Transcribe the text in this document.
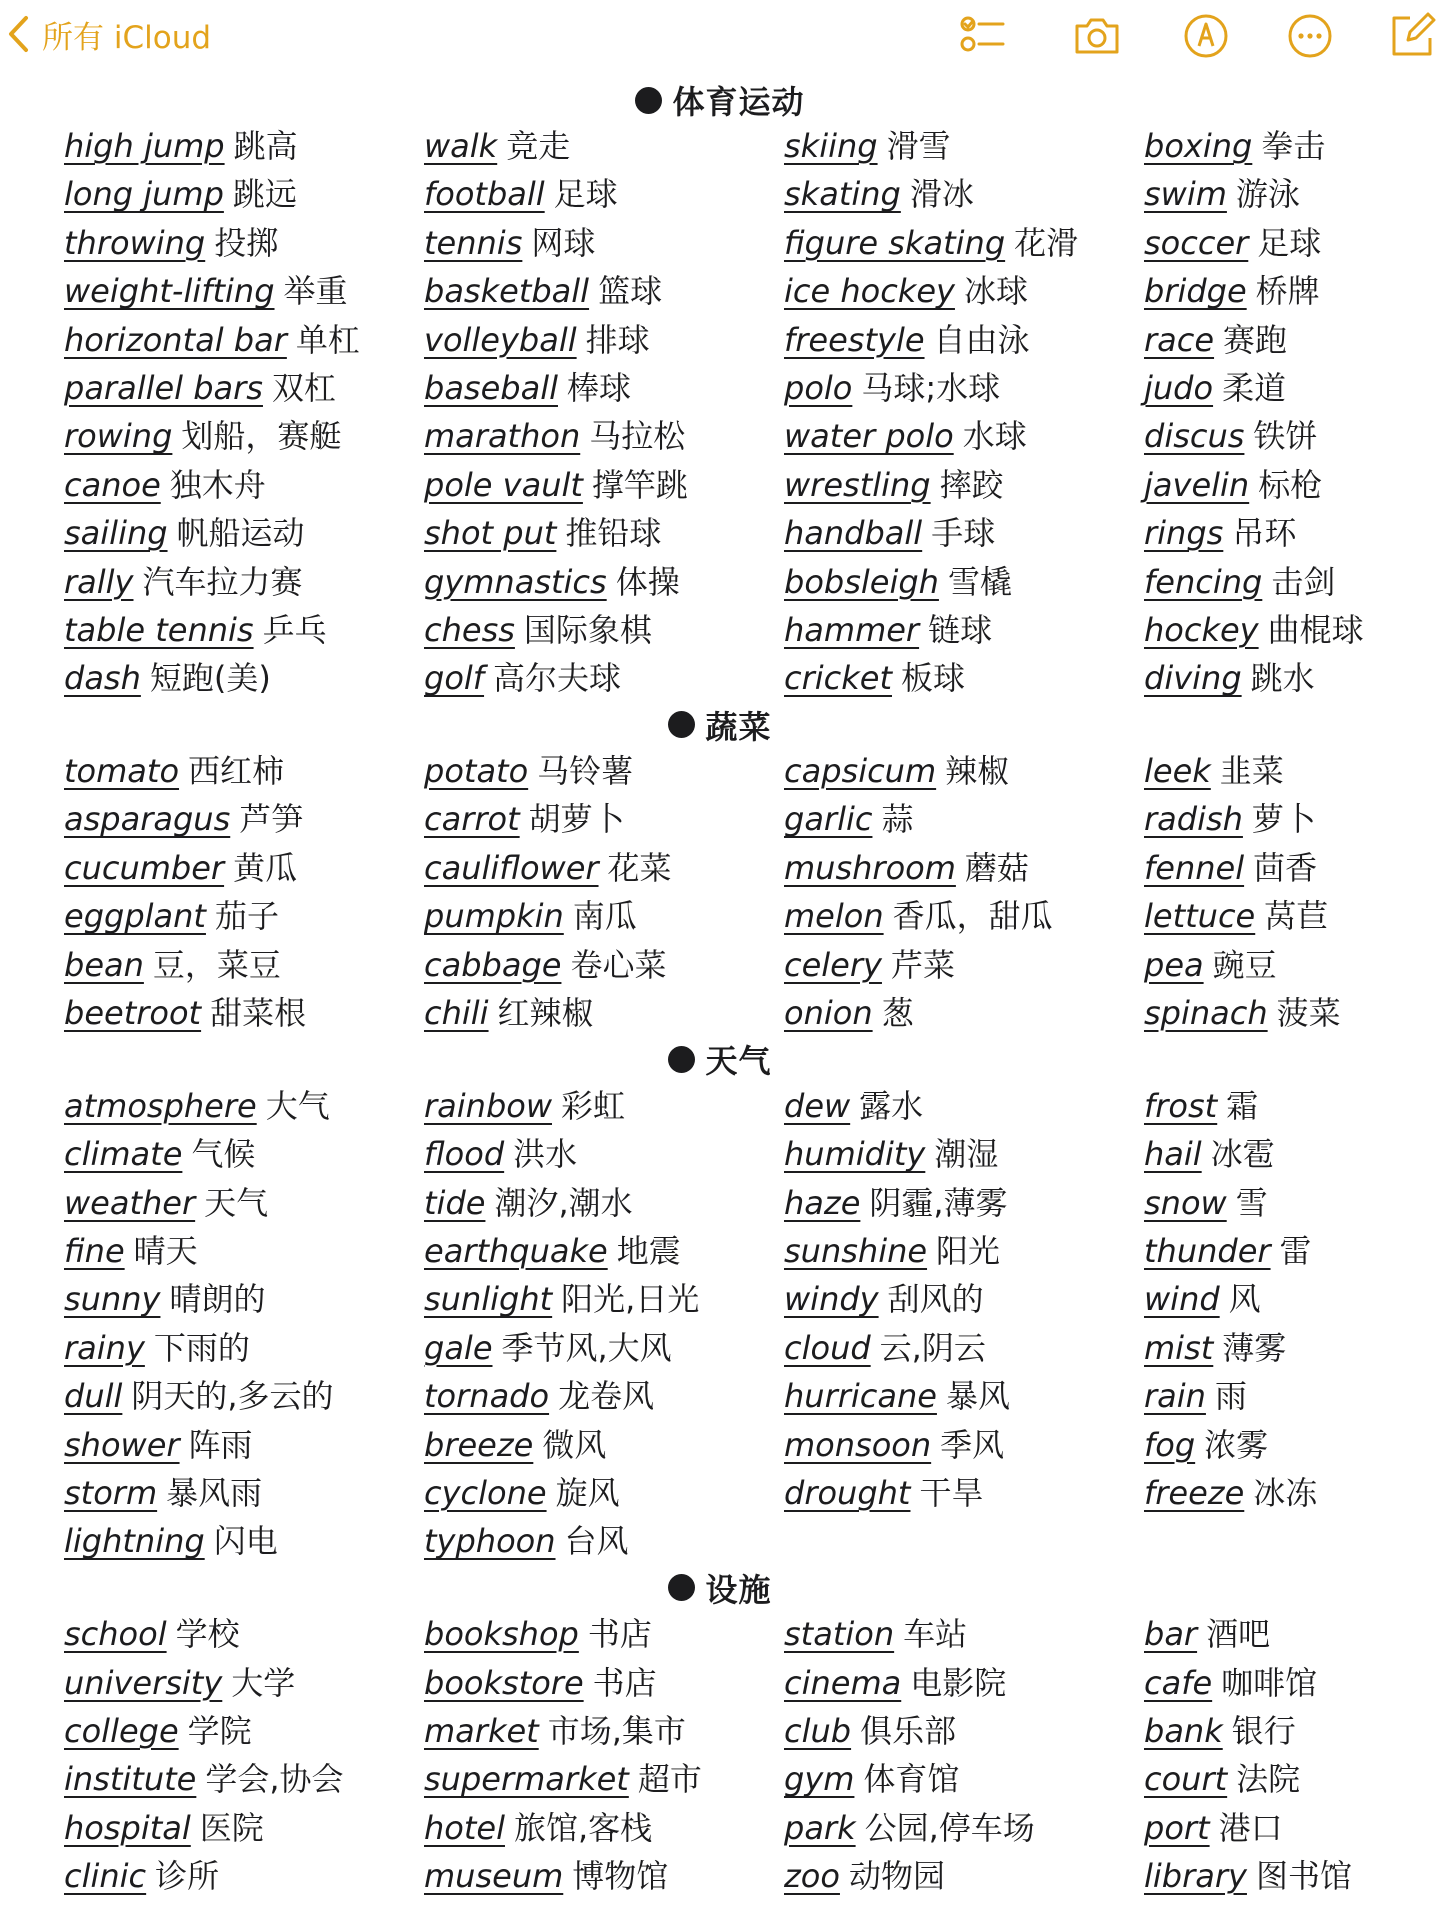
所有 iCloud
体育运动
high jump 跳高
long jump 跳远
throwing 投掷
weight-lifting 举重
horizontal bar 单杠
parallel bars 双杠
rowing 划船，赛艇
canoe 独木舟
sailing 帆船运动
rally 汽车拉力赛
table tennis 乒乓
dash 短跑(美)
walk 竞走
football 足球
tennis 网球
basketball 篮球
volleyball 排球
baseball 棒球
marathon 马拉松
pole vault 撑竿跳
shot put 推铅球
gymnastics 体操
chess 国际象棋
golf 高尔夫球
skiing 滑雪
skating 滑冰
figure skating 花滑
ice hockey 冰球
freestyle 自由泳
polo 马球;水球
water polo 水球
wrestling 摔跤
handball 手球
bobsleigh 雪橇
hammer 链球
cricket 板球
boxing 拳击
swim 游泳
soccer 足球
bridge 桥牌
race 赛跑
judo 柔道
discus 铁饼
javelin 标枪
rings 吊环
fencing 击剑
hockey 曲棍球
diving 跳水
蔬菜
tomato 西红柿
asparagus 芦笋
cucumber 黄瓜
eggplant 茄子
bean 豆，菜豆
beetroot 甜菜根
potato 马铃薯
carrot 胡萝卜
cauliflower 花菜
pumpkin 南瓜
cabbage 卷心菜
chili 红辣椒
capsicum 辣椒
garlic 蒜
mushroom 蘑菇
melon 香瓜，甜瓜
celery 芹菜
onion 葱
leek 韭菜
radish 萝卜
fennel 茴香
lettuce 莴苣
pea 豌豆
spinach 菠菜
天气
atmosphere 大气
climate 气候
weather 天气
fine 晴天
sunny 晴朗的
rainy 下雨的
dull 阴天的,多云的
shower 阵雨
storm 暴风雨
lightning 闪电
rainbow 彩虹
flood 洪水
tide 潮汐,潮水
earthquake 地震
sunlight 阳光,日光
gale 季节风,大风
tornado 龙卷风
breeze 微风
cyclone 旋风
typhoon 台风
dew 露水
humidity 潮湿
haze 阴霾,薄雾
sunshine 阳光
windy 刮风的
cloud 云,阴云
hurricane 暴风
monsoon 季风
drought 干旱
frost 霜
hail 冰雹
snow 雪
thunder 雷
wind 风
mist 薄雾
rain 雨
fog 浓雾
freeze 冰冻
设施
school 学校
university 大学
college 学院
institute 学会,协会
hospital 医院
clinic 诊所
bookshop 书店
bookstore 书店
market 市场,集市
supermarket 超市
hotel 旅馆,客栈
museum 博物馆
station 车站
cinema 电影院
club 俱乐部
gym 体育馆
park 公园,停车场
zoo 动物园
bar 酒吧
cafe 咖啡馆
bank 银行
court 法院
port 港口
library 图书馆
